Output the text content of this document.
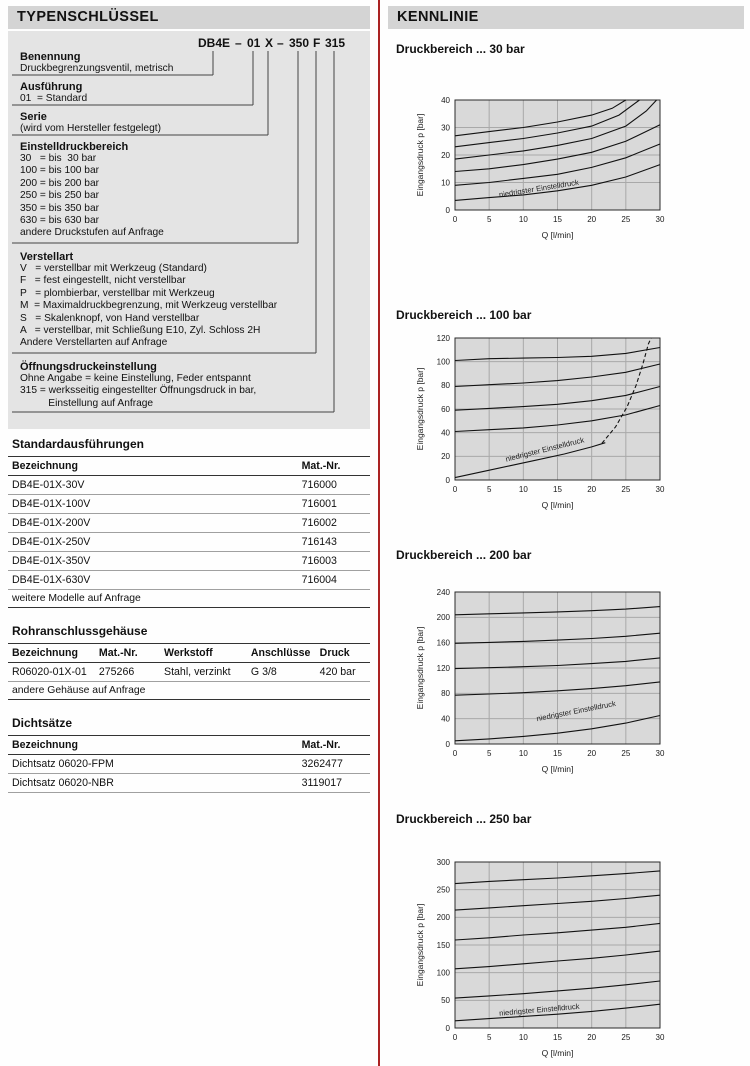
TYPENSCHLÜSSEL
DB4E – 01 X – 350 F 315
Benennung
Druckbegrenzungsventil, metrisch
Ausführung
01  = Standard
Serie
(wird vom Hersteller festgelegt)
Einstelldruckbereich
30   = bis  30 bar
100 = bis 100 bar
200 = bis 200 bar
250 = bis 250 bar
350 = bis 350 bar
630 = bis 630 bar
andere Druckstufen auf Anfrage
Verstellart
V   = verstellbar mit Werkzeug (Standard)
F   = fest eingestellt, nicht verstellbar
P   = plombierbar, verstellbar mit Werkzeug
M  = Maximaldruckbegrenzung, mit Werkzeug verstellbar
S   = Skalenknopf, von Hand verstellbar
A   = verstellbar, mit Schließung E10, Zyl. Schloss 2H
Andere Verstellarten auf Anfrage
Öffnungsdruckeinstellung
Ohne Angabe = keine Einstellung, Feder entspannt
315 = werksseitig eingestellter Öffnungsdruck in bar,
Einstellung auf Anfrage
Standardausführungen
Bezeichnung	Mat.-Nr.
DB4E-01X-30V	716000
DB4E-01X-100V	716001
DB4E-01X-200V	716002
DB4E-01X-250V	716143
DB4E-01X-350V	716003
DB4E-01X-630V	716004
weitere Modelle auf Anfrage	
Rohranschlussgehäuse
Bezeichnung	Mat.-Nr.	Werkstoff	Anschlüsse	Druck
R06020-01X-01	275266	Stahl, verzinkt	G 3/8	420 bar
andere Gehäuse auf Anfrage				
Dichtsätze
Bezeichnung	Mat.-Nr.
Dichtsatz 06020-FPM	3262477
Dichtsatz 06020-NBR	3119017
KENNLINIE
Druckbereich ... 30 bar
0	5	10	15	20	25	30
0
10
20
30
40
Eingangsdruck p [bar]
Q [l/min]
niedrigster Einstelldruck
Druckbereich ... 100 bar
0	5	10	15	20	25	30
0
20
40
60
80
100
120
Eingangsdruck p [bar]
Q [l/min]
niedrigster Einstelldruck
Druckbereich ... 200 bar
0	5	10	15	20	25	30
0
40
80
120
160
200
240
Eingangsdruck p [bar]
Q [l/min]
niedrigster Einstelldruck
Druckbereich ... 250 bar
0	5	10	15	20	25	30
0
50
100
150
200
250
300
Eingangsdruck p [bar]
Q [l/min]
niedrigster Einstelldruck
